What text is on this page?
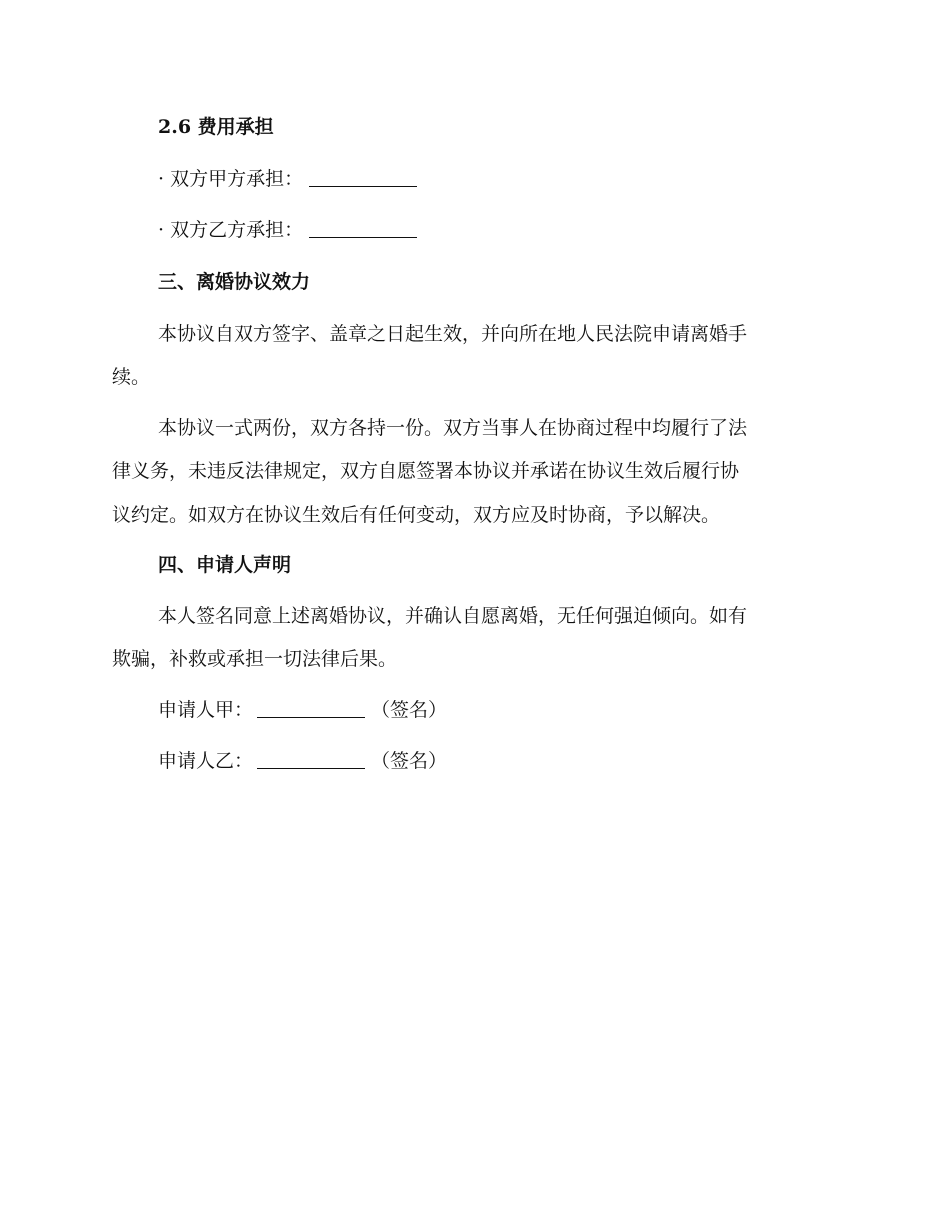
2.6 费用承担
· 双方甲方承担：
· 双方乙方承担：
三、离婚协议效力
本协议自双方签字、盖章之日起生效，并向所在地人民法院申请离婚手
续。
本协议一式两份，双方各持一份。双方当事人在协商过程中均履行了法
律义务，未违反法律规定，双方自愿签署本协议并承诺在协议生效后履行协
议约定。如双方在协议生效后有任何变动，双方应及时协商，予以解决。
四、申请人声明
本人签名同意上述离婚协议，并确认自愿离婚，无任何强迫倾向。如有
欺骗，补救或承担一切法律后果。
申请人甲：	（签名）
申请人乙：	（签名）
